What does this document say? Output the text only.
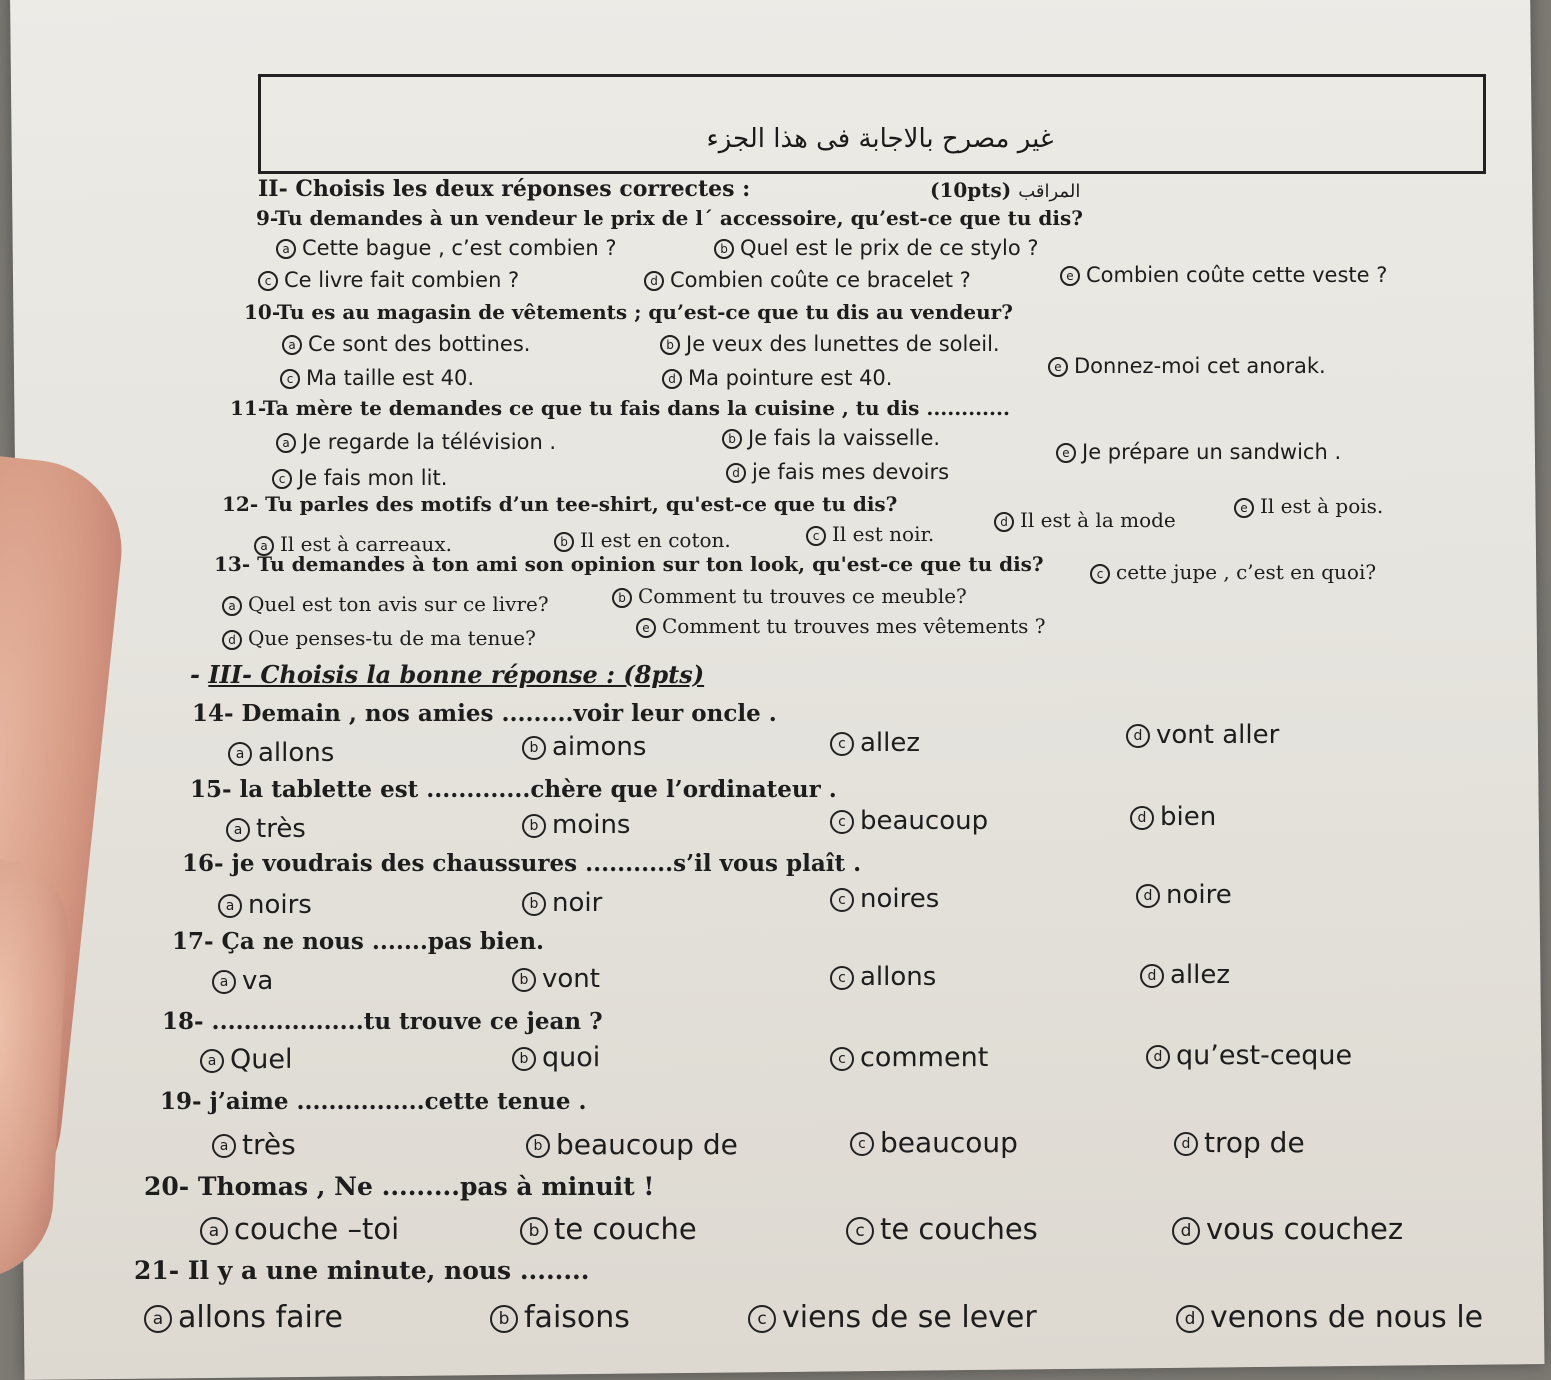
غير مصرح بالاجابة فى هذا الجزء
II- Choisis les deux réponses correctes :	(10pts) المراقب
9-Tu demandes à un vendeur le prix de l´ accessoire, qu’est-ce que tu dis?
a Cette bague , c’est combien ?	b Quel est le prix de ce stylo ?
c Ce livre fait combien ?	d Combien coûte ce bracelet ?	e Combien coûte cette veste ?
10-Tu es au magasin de vêtements ; qu’est-ce que tu dis au vendeur?
a Ce sont des bottines.	b Je veux des lunettes de soleil.
c Ma taille est 40.	d Ma pointure est 40.	e Donnez-moi cet anorak.
11-Ta mère te demandes ce que tu fais dans la cuisine , tu dis ............
a Je regarde la télévision .	b Je fais la vaisselle.
c Je fais mon lit.	d je fais mes devoirs
e Je prépare un sandwich .
12- Tu parles des motifs d’un tee-shirt, qu'est-ce que tu dis?
a Il est à carreaux.	b Il est en coton.	c Il est noir.
d Il est à la mode
e Il est à pois.
13- Tu demandes à ton ami son opinion sur ton look, qu'est-ce que tu dis?
a Quel est ton avis sur ce livre?	b Comment tu trouves ce meuble?
c cette jupe , c’est en quoi?
d Que penses-tu de ma tenue?	e Comment tu trouves mes vêtements ?
- III- Choisis la bonne réponse : (8pts)
14- Demain , nos amies .........voir leur oncle .
a allons	b aimons	c allez	d vont aller
15- la tablette est .............chère que l’ordinateur .
a très	b moins	c beaucoup	d bien
16- je voudrais des chaussures ...........s’il vous plaît .
a noirs	b noir	c noires	d noire
17- Ça ne nous .......pas bien.
a va	b vont	c allons	d allez
18- ...................tu trouve ce jean ?
a Quel	b quoi	c comment	d qu’est-ceque
19- j’aime ................cette tenue .
a très	b beaucoup de	c beaucoup	d trop de
20- Thomas , Ne .........pas à minuit !
a couche –toi	b te couche	c te couches	d vous couchez
21- Il y a une minute, nous ........
a allons faire	b faisons	c viens de se lever	d venons de nous le
